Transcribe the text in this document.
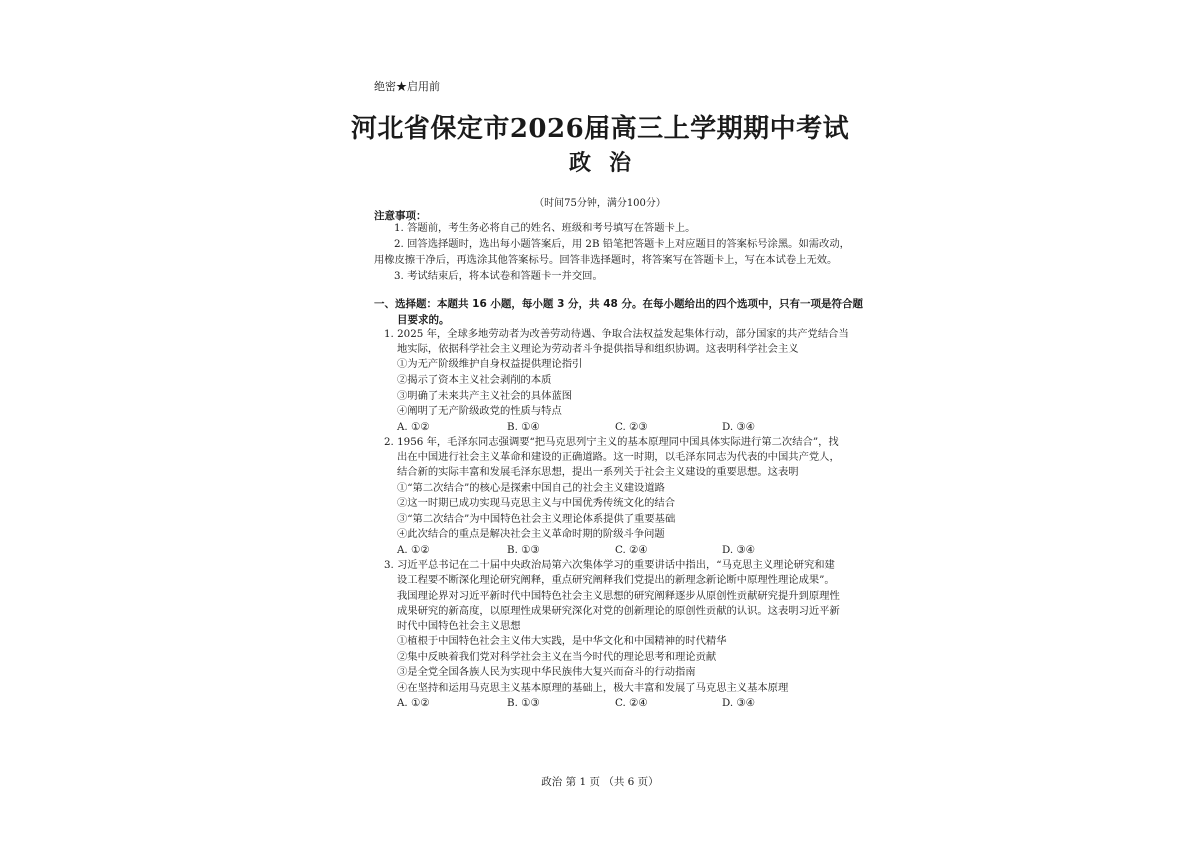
绝密★启用前
河北省保定市2026届高三上学期期中考试
政治
（时间75分钟，满分100分）
注意事项：
1. 答题前，考生务必将自己的姓名、班级和考号填写在答题卡上。
2. 回答选择题时，选出每小题答案后，用 2B 铅笔把答题卡上对应题目的答案标号涂黑。如需改动，
用橡皮擦干净后，再选涂其他答案标号。回答非选择题时，将答案写在答题卡上，写在本试卷上无效。
3. 考试结束后，将本试卷和答题卡一并交回。
一、选择题：本题共 16 小题，每小题 3 分，共 48 分。在每小题给出的四个选项中，只有一项是符合题
目要求的。
1. 2025 年，全球多地劳动者为改善劳动待遇、争取合法权益发起集体行动，部分国家的共产党结合当
地实际，依据科学社会主义理论为劳动者斗争提供指导和组织协调。这表明科学社会主义
①为无产阶级维护自身权益提供理论指引
②揭示了资本主义社会剥削的本质
③明确了未来共产主义社会的具体蓝图
④阐明了无产阶级政党的性质与特点
A. ①②	B. ①④	C. ②③	D. ③④
2. 1956 年，毛泽东同志强调要“把马克思列宁主义的基本原理同中国具体实际进行第二次结合”，找
出在中国进行社会主义革命和建设的正确道路。这一时期，以毛泽东同志为代表的中国共产党人，
结合新的实际丰富和发展毛泽东思想，提出一系列关于社会主义建设的重要思想。这表明
①“第二次结合”的核心是探索中国自己的社会主义建设道路
②这一时期已成功实现马克思主义与中国优秀传统文化的结合
③“第二次结合”为中国特色社会主义理论体系提供了重要基础
④此次结合的重点是解决社会主义革命时期的阶级斗争问题
A. ①②	B. ①③	C. ②④	D. ③④
3. 习近平总书记在二十届中央政治局第六次集体学习的重要讲话中指出，“马克思主义理论研究和建
设工程要不断深化理论研究阐释，重点研究阐释我们党提出的新理念新论断中原理性理论成果”。
我国理论界对习近平新时代中国特色社会主义思想的研究阐释逐步从原创性贡献研究提升到原理性
成果研究的新高度，以原理性成果研究深化对党的创新理论的原创性贡献的认识。这表明习近平新
时代中国特色社会主义思想
①植根于中国特色社会主义伟大实践，是中华文化和中国精神的时代精华
②集中反映着我们党对科学社会主义在当今时代的理论思考和理论贡献
③是全党全国各族人民为实现中华民族伟大复兴而奋斗的行动指南
④在坚持和运用马克思主义基本原理的基础上，极大丰富和发展了马克思主义基本原理
A. ①②	B. ①③	C. ②④	D. ③④
政治 第 1 页 （共 6 页）
